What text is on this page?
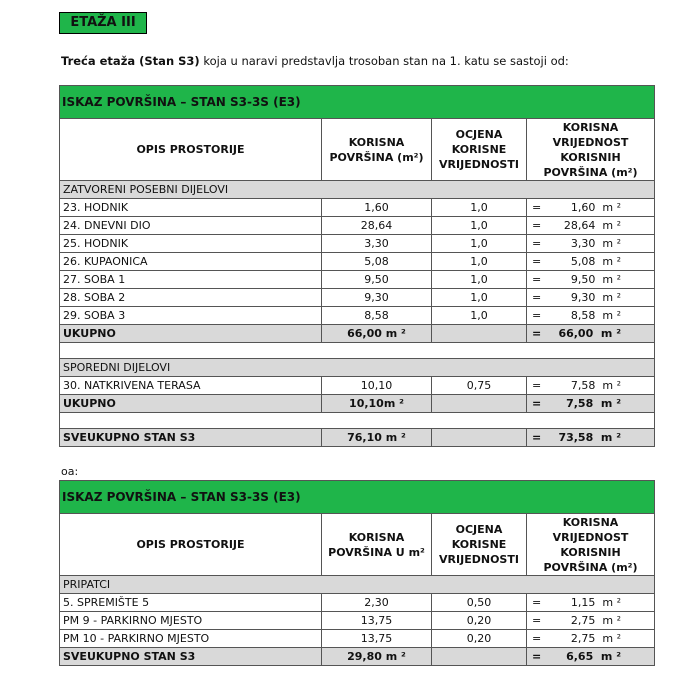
ETAŽA III
Treća etaža (Stan S3) koja u naravi predstavlja trosoban stan na 1. katu se sastoji od:
ISKAZ POVRŠINA – STAN S3-3S (E3)			
OPIS PROSTORIJE	KORISNA POVRŠINA (m²)	OCJENA KORISNE VRIJEDNOSTI	KORISNA VRIJEDNOST KORISNIH POVRŠINA (m²)
ZATVORENI POSEBNI DIJELOVI			
23. HODNIK	1,60	1,0	= 1,60 m ²

24. DNEVNI DIO	28,64	1,0	= 28,64 m ²

25. HODNIK	3,30	1,0	= 3,30 m ²

26. KUPAONICA	5,08	1,0	= 5,08 m ²

27. SOBA 1	9,50	1,0	= 9,50 m ²

28. SOBA 2	9,30	1,0	= 9,30 m ²

29. SOBA 3	8,58	1,0	= 8,58 m ²

UKUPNO	66,00 m ²		= 66,00 m ²

SPOREDNI DIJELOVI			
30. NATKRIVENA TERASA	10,10	0,75	= 7,58 m ²

UKUPNO	10,10m ²		= 7,58 m ²

SVEUKUPNO STAN S3	76,10 m ²		= 73,58 m ²
oa:
ISKAZ POVRŠINA – STAN S3-3S (E3)			
OPIS PROSTORIJE	KORISNA POVRŠINA U m²	OCJENA KORISNE VRIJEDNOSTI	KORISNA VRIJEDNOST KORISNIH POVRŠINA (m²)
PRIPATCI			
5. SPREMIŠTE 5	2,30	0,50	= 1,15 m ²

PM 9 - PARKIRNO MJESTO	13,75	0,20	= 2,75 m ²

PM 10 - PARKIRNO MJESTO	13,75	0,20	= 2,75 m ²

SVEUKUPNO STAN S3	29,80 m ²		= 6,65 m ²
